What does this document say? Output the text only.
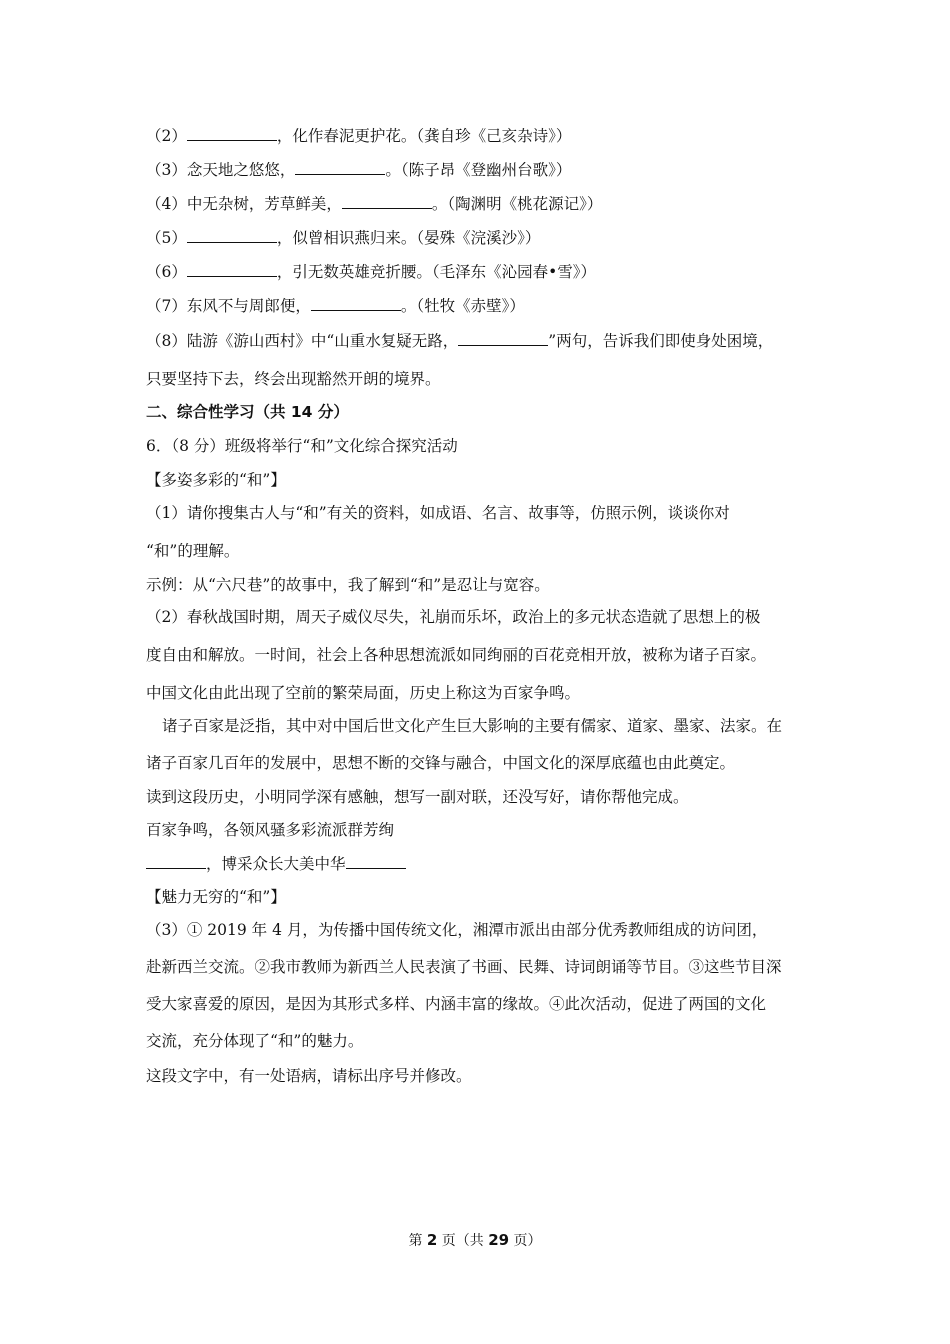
（2）	，化作春泥更护花。（龚自珍《己亥杂诗》）
（3）念天地之悠悠，	。（陈子昂《登幽州台歌》）
（4）中无杂树，芳草鲜美，	。（陶渊明《桃花源记》）
（5）	，似曾相识燕归来。（晏殊《浣溪沙》）
（6）	，引无数英雄竞折腰。（毛泽东《沁园春•雪》）
（7）东风不与周郎便，	。（牡牧《赤壁》）
（8）陆游《游山西村》中“山重水复疑无路，	”两句，告诉我们即使身处困境，
只要坚持下去，终会出现豁然开朗的境界。
二、综合性学习（共 14 分）
6．（8 分）班级将举行“和”文化综合探究活动
【多姿多彩的“和”】
（1）请你搜集古人与“和”有关的资料，如成语、名言、故事等，仿照示例，谈谈你对
“和”的理解。
示例：从“六尺巷”的故事中，我了解到“和”是忍让与宽容。
（2）春秋战国时期，周天子威仪尽失，礼崩而乐坏，政治上的多元状态造就了思想上的极
度自由和解放。一时间，社会上各种思想流派如同绚丽的百花竞相开放，被称为诸子百家。
中国文化由此出现了空前的繁荣局面，历史上称这为百家争鸣。
诸子百家是泛指，其中对中国后世文化产生巨大影响的主要有儒家、道家、墨家、法家。在
诸子百家几百年的发展中，思想不断的交锋与融合，中国文化的深厚底蕴也由此奠定。
读到这段历史，小明同学深有感触，想写一副对联，还没写好，请你帮他完成。
百家争鸣，各领风骚多彩流派群芳绚
，博采众长大美中华
【魅力无穷的“和”】
（3）① 2019 年 4 月，为传播中国传统文化，湘潭市派出由部分优秀教师组成的访问团，
赴新西兰交流。②我市教师为新西兰人民表演了书画、民舞、诗词朗诵等节目。③这些节目深
受大家喜爱的原因，是因为其形式多样、内涵丰富的缘故。④此次活动，促进了两国的文化
交流，充分体现了“和”的魅力。
这段文字中，有一处语病，请标出序号并修改。
第 2 页（共 29 页）
